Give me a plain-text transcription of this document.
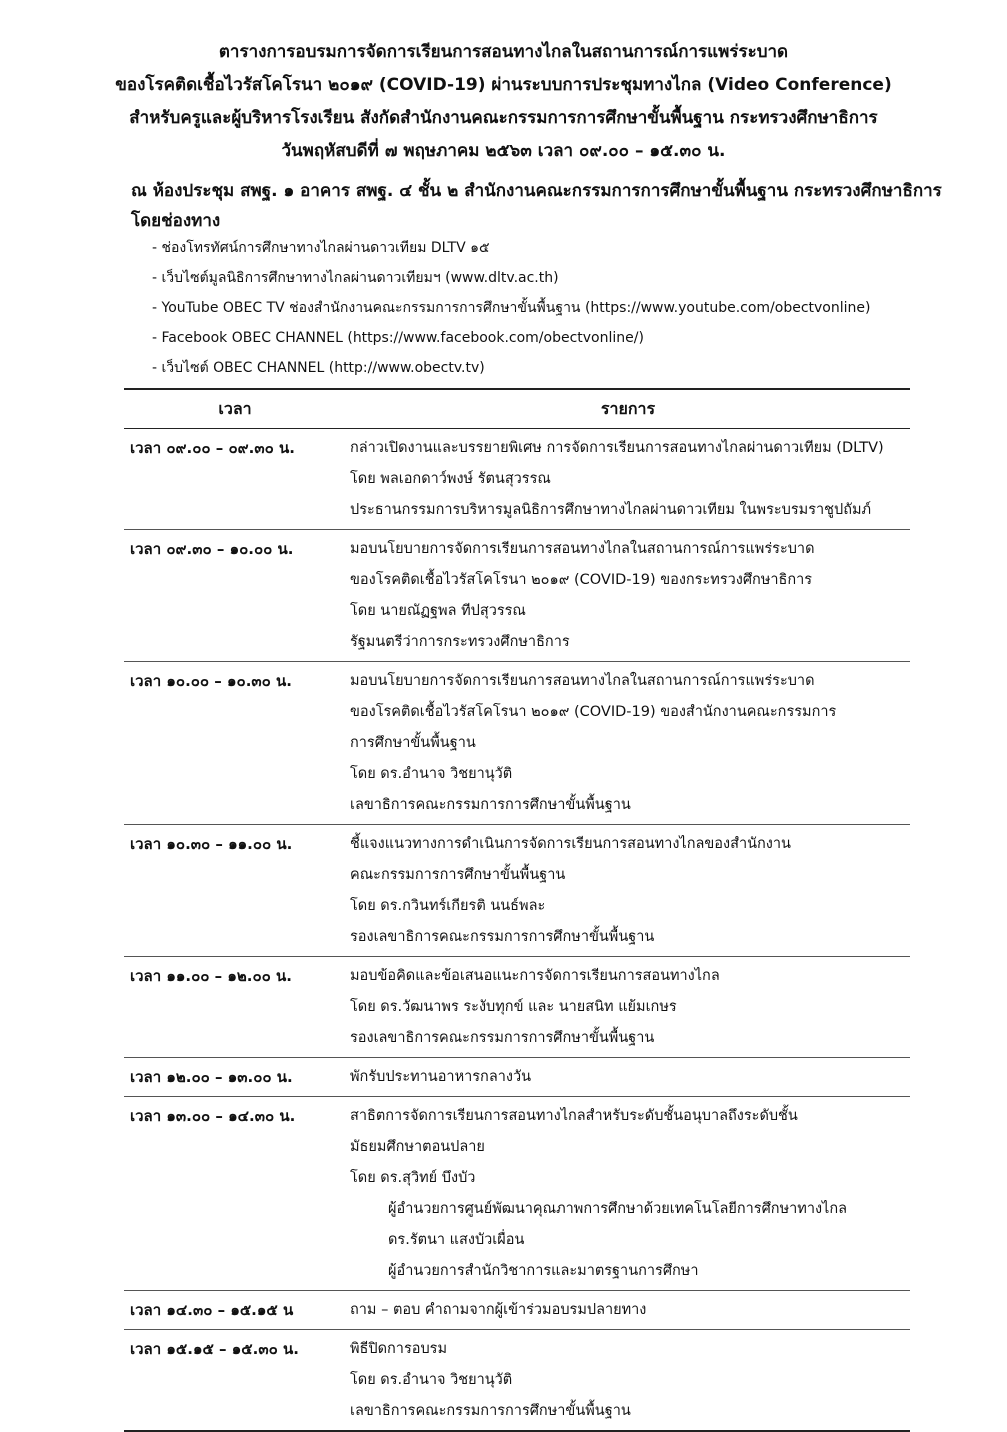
ตารางการอบรมการจัดการเรียนการสอนทางไกลในสถานการณ์การแพร่ระบาด
ของโรคติดเชื้อไวรัสโคโรนา ๒๐๑๙ (COVID-19) ผ่านระบบการประชุมทางไกล (Video Conference)
สำหรับครูและผู้บริหารโรงเรียน สังกัดสำนักงานคณะกรรมการการศึกษาขั้นพื้นฐาน กระทรวงศึกษาธิการ
วันพฤหัสบดีที่ ๗ พฤษภาคม ๒๕๖๓ เวลา ๐๙.๐๐ – ๑๕.๓๐ น.
ณ ห้องประชุม สพฐ. ๑ อาคาร สพฐ. ๔ ชั้น ๒ สำนักงานคณะกรรมการการศึกษาขั้นพื้นฐาน กระทรวงศึกษาธิการ
โดยช่องทาง
- ช่องโทรทัศน์การศึกษาทางไกลผ่านดาวเทียม DLTV ๑๕
- เว็บไซต์มูลนิธิการศึกษาทางไกลผ่านดาวเทียมฯ (www.dltv.ac.th)
- YouTube OBEC TV ช่องสำนักงานคณะกรรมการการศึกษาขั้นพื้นฐาน (https://www.youtube.com/obectvonline)
- Facebook OBEC CHANNEL (https://www.facebook.com/obectvonline/)
- เว็บไซต์ OBEC CHANNEL (http://www.obectv.tv)
เวลา	รายการ
เวลา ๐๙.๐๐ – ๐๙.๓๐ น.	กล่าวเปิดงานและบรรยายพิเศษ การจัดการเรียนการสอนทางไกลผ่านดาวเทียม (DLTV)
โดย พลเอกดาว์พงษ์ รัตนสุวรรณ
ประธานกรรมการบริหารมูลนิธิการศึกษาทางไกลผ่านดาวเทียม ในพระบรมราชูปถัมภ์
เวลา ๐๙.๓๐ – ๑๐.๐๐ น.	มอบนโยบายการจัดการเรียนการสอนทางไกลในสถานการณ์การแพร่ระบาด
ของโรคติดเชื้อไวรัสโคโรนา ๒๐๑๙ (COVID-19) ของกระทรวงศึกษาธิการ
โดย นายณัฏฐพล ทีปสุวรรณ
รัฐมนตรีว่าการกระทรวงศึกษาธิการ
เวลา ๑๐.๐๐ – ๑๐.๓๐ น.	มอบนโยบายการจัดการเรียนการสอนทางไกลในสถานการณ์การแพร่ระบาด
ของโรคติดเชื้อไวรัสโคโรนา ๒๐๑๙ (COVID-19) ของสำนักงานคณะกรรมการ
การศึกษาขั้นพื้นฐาน
โดย ดร.อำนาจ วิชยานุวัติ
เลขาธิการคณะกรรมการการศึกษาขั้นพื้นฐาน
เวลา ๑๐.๓๐ – ๑๑.๐๐ น.	ชี้แจงแนวทางการดำเนินการจัดการเรียนการสอนทางไกลของสำนักงาน
คณะกรรมการการศึกษาขั้นพื้นฐาน
โดย ดร.กวินทร์เกียรติ นนธ์พละ
รองเลขาธิการคณะกรรมการการศึกษาขั้นพื้นฐาน
เวลา ๑๑.๐๐ – ๑๒.๐๐ น.	มอบข้อคิดและข้อเสนอแนะการจัดการเรียนการสอนทางไกล
โดย ดร.วัฒนาพร ระงับทุกข์ และ นายสนิท แย้มเกษร
รองเลขาธิการคณะกรรมการการศึกษาขั้นพื้นฐาน
เวลา ๑๒.๐๐ – ๑๓.๐๐ น.	พักรับประทานอาหารกลางวัน
เวลา ๑๓.๐๐ – ๑๔.๓๐ น.	สาธิตการจัดการเรียนการสอนทางไกลสำหรับระดับชั้นอนุบาลถึงระดับชั้น
มัธยมศึกษาตอนปลาย
โดย ดร.สุวิทย์ บึงบัว
ผู้อำนวยการศูนย์พัฒนาคุณภาพการศึกษาด้วยเทคโนโลยีการศึกษาทางไกล
ดร.รัตนา แสงบัวเผื่อน
ผู้อำนวยการสำนักวิชาการและมาตรฐานการศึกษา
เวลา ๑๔.๓๐ – ๑๕.๑๕ น	ถาม – ตอบ คำถามจากผู้เข้าร่วมอบรมปลายทาง
เวลา ๑๕.๑๕ – ๑๕.๓๐ น.	พิธีปิดการอบรม
โดย ดร.อำนาจ วิชยานุวัติ
เลขาธิการคณะกรรมการการศึกษาขั้นพื้นฐาน
